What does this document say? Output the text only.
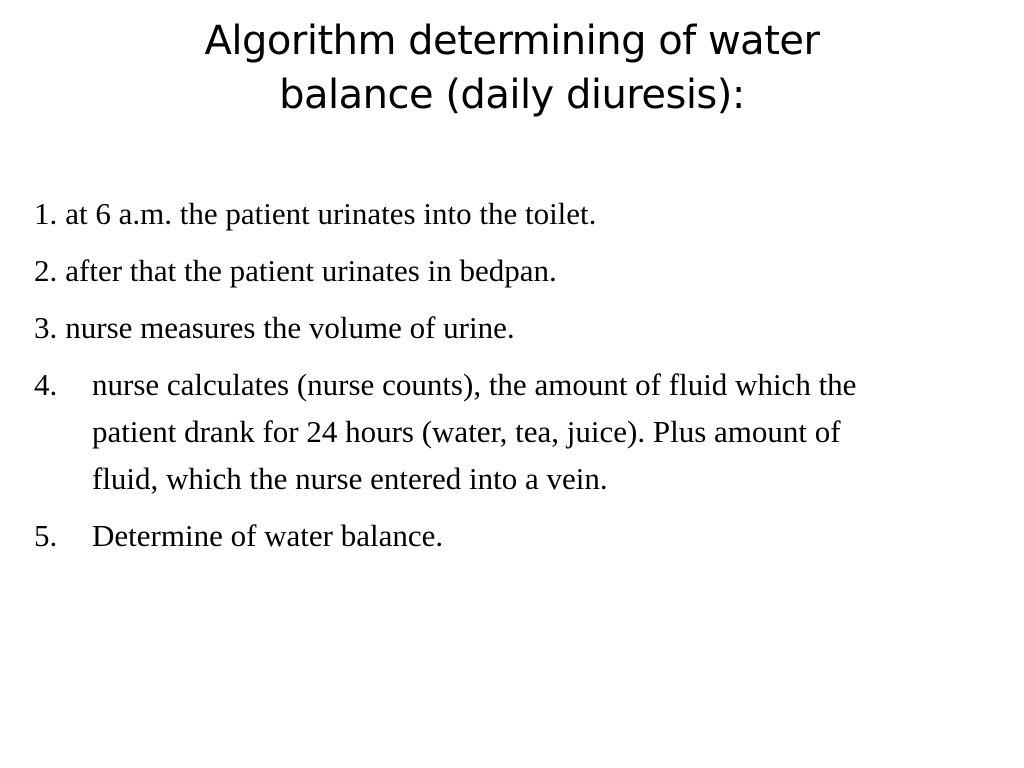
Algorithm determining of water
balance (daily diuresis):
1. at 6 a.m. the patient urinates into the toilet.
2. after that the patient urinates in bedpan.
3. nurse measures the volume of urine.
4. nurse calculates (nurse counts), the amount of fluid which the patient drank for 24 hours (water, tea, juice). Plus amount of fluid, which the nurse entered into a vein.
5. Determine of water balance.
